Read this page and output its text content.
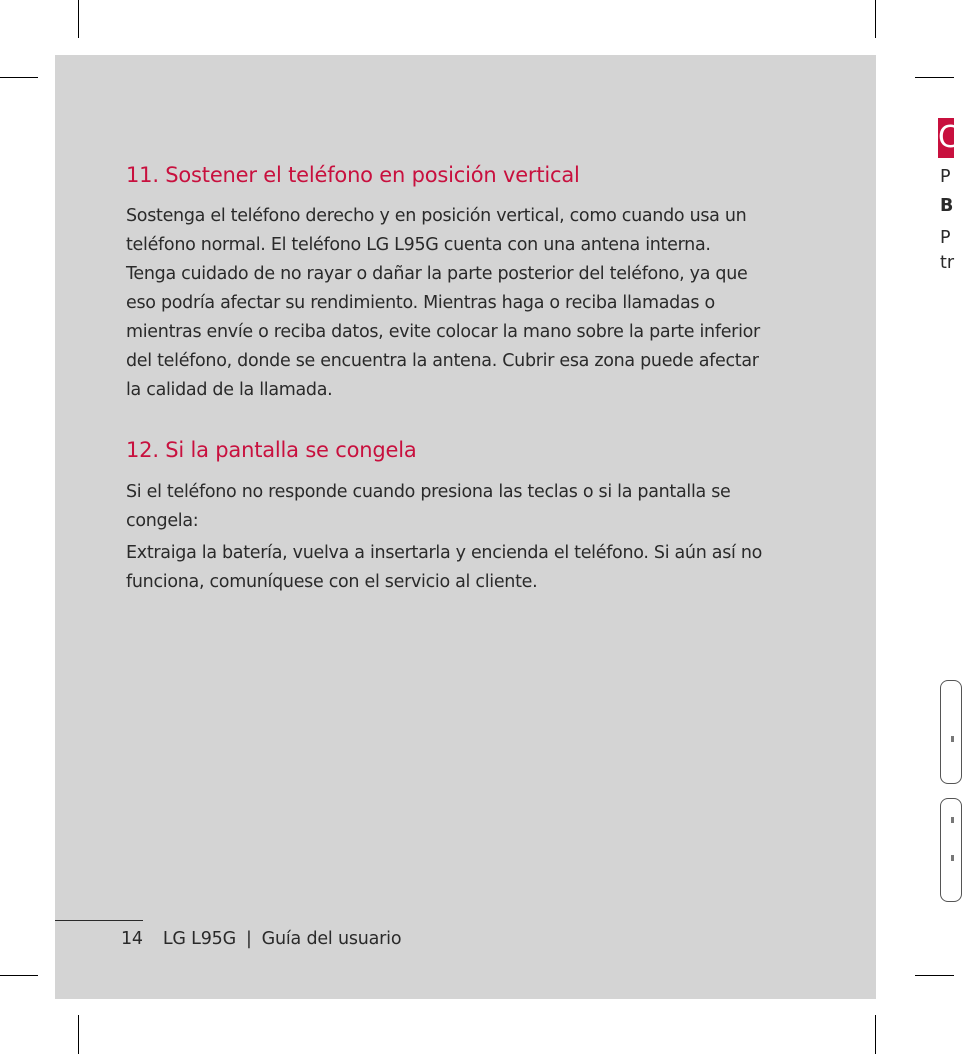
11. Sostener el teléfono en posición vertical

Sostenga el teléfono derecho y en posición vertical, como cuando usa un
teléfono normal. El teléfono LG L95G cuenta con una antena interna.
Tenga cuidado de no rayar o dañar la parte posterior del teléfono, ya que
eso podría afectar su rendimiento. Mientras haga o reciba llamadas o
mientras envíe o reciba datos, evite colocar la mano sobre la parte inferior
del teléfono, donde se encuentra la antena. Cubrir esa zona puede afectar
la calidad de la llamada.

12. Si la pantalla se congela

Si el teléfono no responde cuando presiona las teclas o si la pantalla se
congela:

Extraiga la batería, vuelva a insertarla y encienda el teléfono. Si aún así no
funciona, comuníquese con el servicio al cliente.

14 LG L95G | Guía del usuario
C
P
B
P
tr
